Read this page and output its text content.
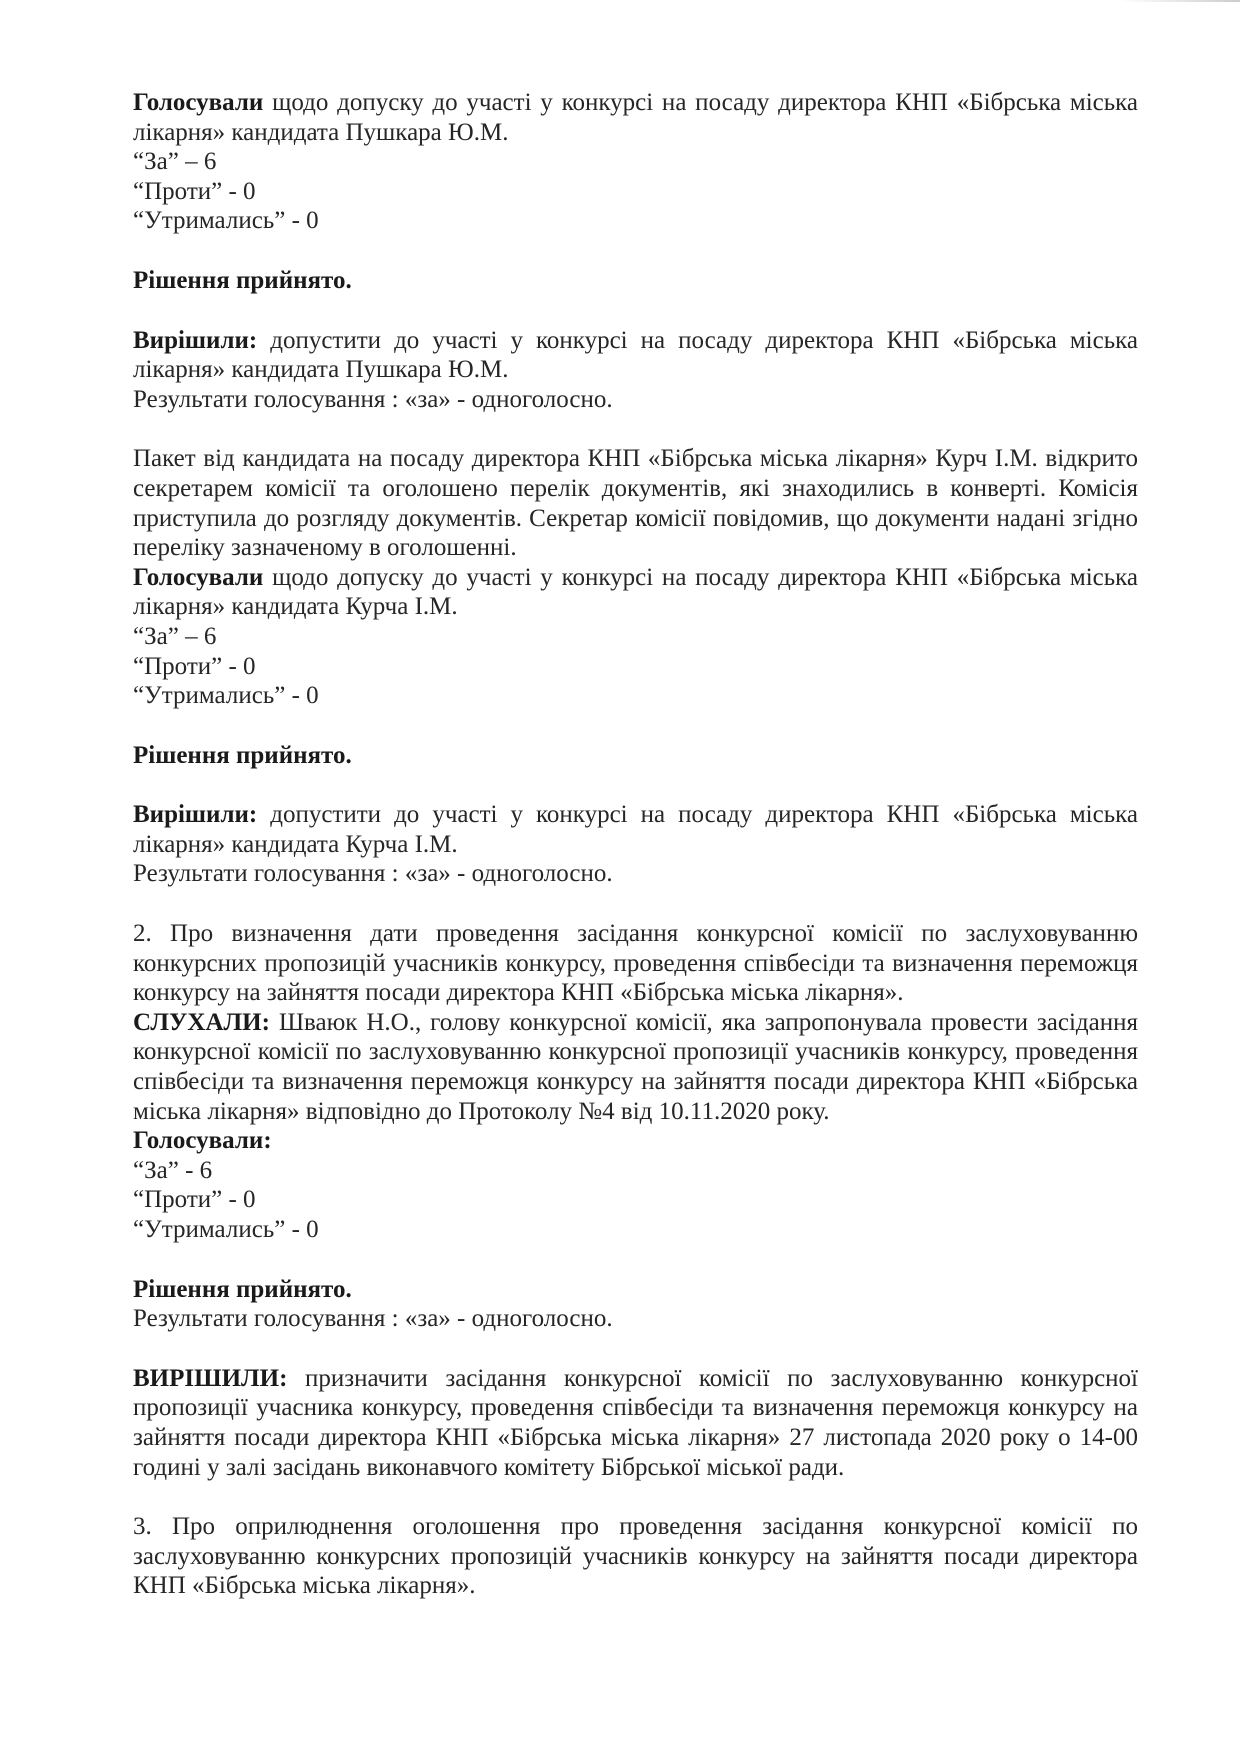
Голосували щодо допуску до участі у конкурсі на посаду директора КНП «Бібрська міська лікарня» кандидата Пушкара Ю.М.

“За” – 6

“Проти” - 0

“Утримались” - 0

Рішення прийнято.

Вирішили: допустити до участі у конкурсі на посаду директора КНП «Бібрська міська лікарня» кандидата Пушкара Ю.М.

Результати голосування : «за» - одноголосно.

Пакет від кандидата на посаду директора КНП «Бібрська міська лікарня» Курч І.М. відкрито секретарем комісії та оголошено перелік документів, які знаходились в конверті. Комісія приступила до розгляду документів. Секретар комісії повідомив, що документи надані згідно переліку зазначеному в оголошенні.

Голосували щодо допуску до участі у конкурсі на посаду директора КНП «Бібрська міська лікарня» кандидата Курча І.М.

“За” – 6

“Проти” - 0

“Утримались” - 0

Рішення прийнято.

Вирішили: допустити до участі у конкурсі на посаду директора КНП «Бібрська міська лікарня» кандидата Курча І.М.

Результати голосування : «за» - одноголосно.

2. Про визначення дати проведення засідання конкурсної комісії по заслуховуванню конкурсних пропозицій учасників конкурсу, проведення співбесіди та визначення переможця конкурсу на зайняття посади директора КНП «Бібрська міська лікарня».

СЛУХАЛИ: Шваюк Н.О., голову конкурсної комісії, яка запропонувала провести засідання конкурсної комісії по заслуховуванню конкурсної пропозиції учасників конкурсу, проведення співбесіди та визначення переможця конкурсу на зайняття посади директора КНП «Бібрська міська лікарня» відповідно до Протоколу №4 від 10.11.2020 року.

Голосували:

“За” - 6

“Проти” - 0

“Утримались” - 0

Рішення прийнято.

Результати голосування : «за» - одноголосно.

ВИРІШИЛИ: призначити засідання конкурсної комісії по заслуховуванню конкурсної пропозиції учасника конкурсу, проведення співбесіди та визначення переможця конкурсу на зайняття посади директора КНП «Бібрська міська лікарня» 27 листопада 2020 року о 14-00 годині у залі засідань виконавчого комітету Бібрської міської ради.

3. Про оприлюднення оголошення про проведення засідання конкурсної комісії по заслуховуванню конкурсних пропозицій учасників конкурсу на зайняття посади директора КНП «Бібрська міська лікарня».
